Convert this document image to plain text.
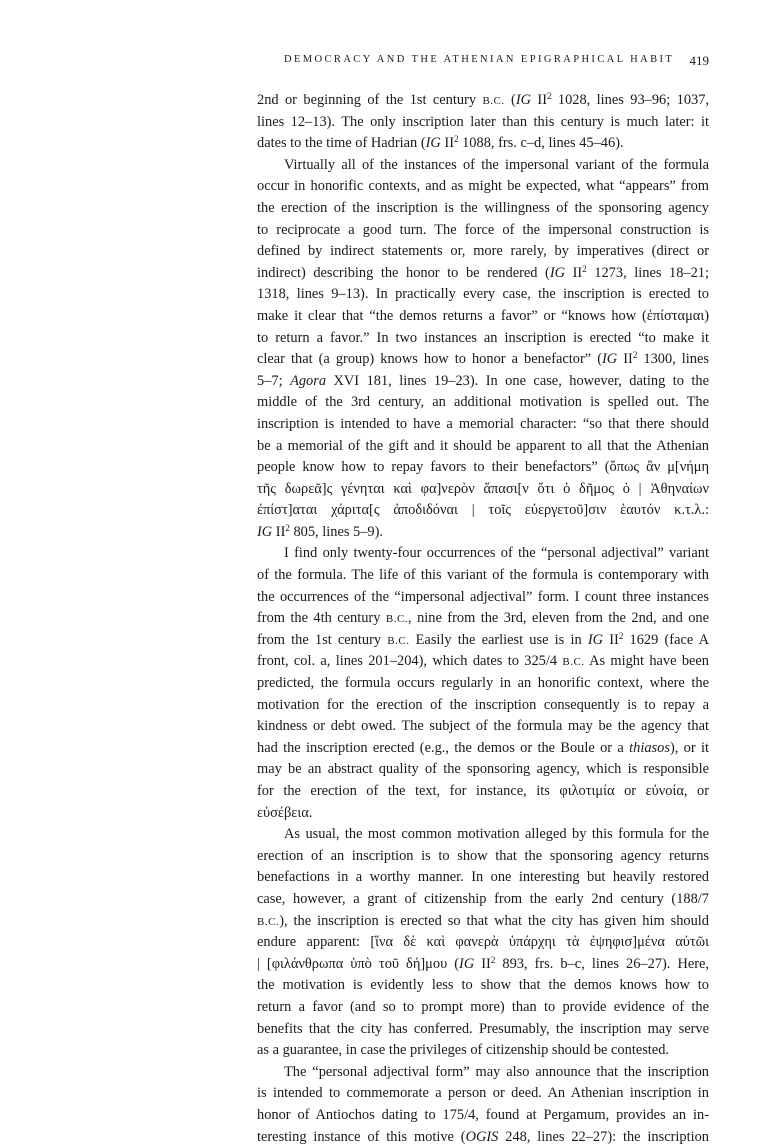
DEMOCRACY AND THE ATHENIAN EPIGRAPHICAL HABIT 419
2nd or beginning of the 1st century B.C. (IG $II^2$ 1028, lines 93–96; 1037,
lines 12–13). The only inscription later than this century is much later: it
dates to the time of Hadrian (IG $II^2$ 1088, frs. c–d, lines 45–46).
Virtually all of the instances of the impersonal variant of the formula
occur in honorific contexts, and as might be expected, what “appears” from
the erection of the inscription is the willingness of the sponsoring agency
to reciprocate a good turn. The force of the impersonal construction is
defined by indirect statements or, more rarely, by imperatives (direct or
indirect) describing the honor to be rendered (IG $II^2$ 1273, lines 18–21;
1318, lines 9–13). In practically every case, the inscription is erected to
make it clear that “the demos returns a favor” or “knows how (ἐπίσταμαι)
to return a favor.” In two instances an inscription is erected “to make it
clear that (a group) knows how to honor a benefactor” (IG $II^2$ 1300, lines
5–7; Agora XVI 181, lines 19–23). In one case, however, dating to the
middle of the 3rd century, an additional motivation is spelled out. The
inscription is intended to have a memorial character: “so that there should
be a memorial of the gift and it should be apparent to all that the Athenian
people know how to repay favors to their benefactors” (ὅπως ἂν μ[νήμη
τῆς δωρεᾶ]ς γένηται καὶ φα]νερὸν ἅπασι[ν ὅτι ὁ δῆμος ὁ | Ἀθηναίων
ἐπίστ]αται χάριτα[ς ἀποδιδόναι | τοῖς εὐεργετοῦ]σιν ἑαυτόν κ.τ.λ.:
IG $II^2$ 805, lines 5–9).
I find only twenty-four occurrences of the “personal adjectival” variant
of the formula. The life of this variant of the formula is contemporary with
the occurrences of the “impersonal adjectival” form. I count three instances
from the 4th century B.C., nine from the 3rd, eleven from the 2nd, and one
from the 1st century B.C. Easily the earliest use is in IG $II^2$ 1629 (face A
front, col. a, lines 201–204), which dates to 325/4 B.C. As might have been
predicted, the formula occurs regularly in an honorific context, where the
motivation for the erection of the inscription consequently is to repay a
kindness or debt owed. The subject of the formula may be the agency that
had the inscription erected (e.g., the demos or the Boule or a thiasos), or it
may be an abstract quality of the sponsoring agency, which is responsible
for the erection of the text, for instance, its φιλοτιμία or εὐνοία, or
εὐσέβεια.
As usual, the most common motivation alleged by this formula for the
erection of an inscription is to show that the sponsoring agency returns
benefactions in a worthy manner. In one interesting but heavily restored
case, however, a grant of citizenship from the early 2nd century (188/7
B.C.), the inscription is erected so that what the city has given him should
endure apparent: [ἵνα δὲ καὶ φανερὰ ὑπάρχηι τὰ ἐψηφισ]μένα αὐτῶι
| [φιλάνθρωπα ὑπὸ τοῦ δή]μου (IG $II^2$ 893, frs. b–c, lines 26–27). Here,
the motivation is evidently less to show that the demos knows how to
return a favor (and so to prompt more) than to provide evidence of the
benefits that the city has conferred. Presumably, the inscription may serve
as a guarantee, in case the privileges of citizenship should be contested.
The “personal adjectival form” may also announce that the inscription
is intended to commemorate a person or deed. An Athenian inscription in
honor of Antiochos dating to 175/4, found at Pergamum, provides an in-
teresting instance of this motive (OGIS 248, lines 22–27): the inscription
